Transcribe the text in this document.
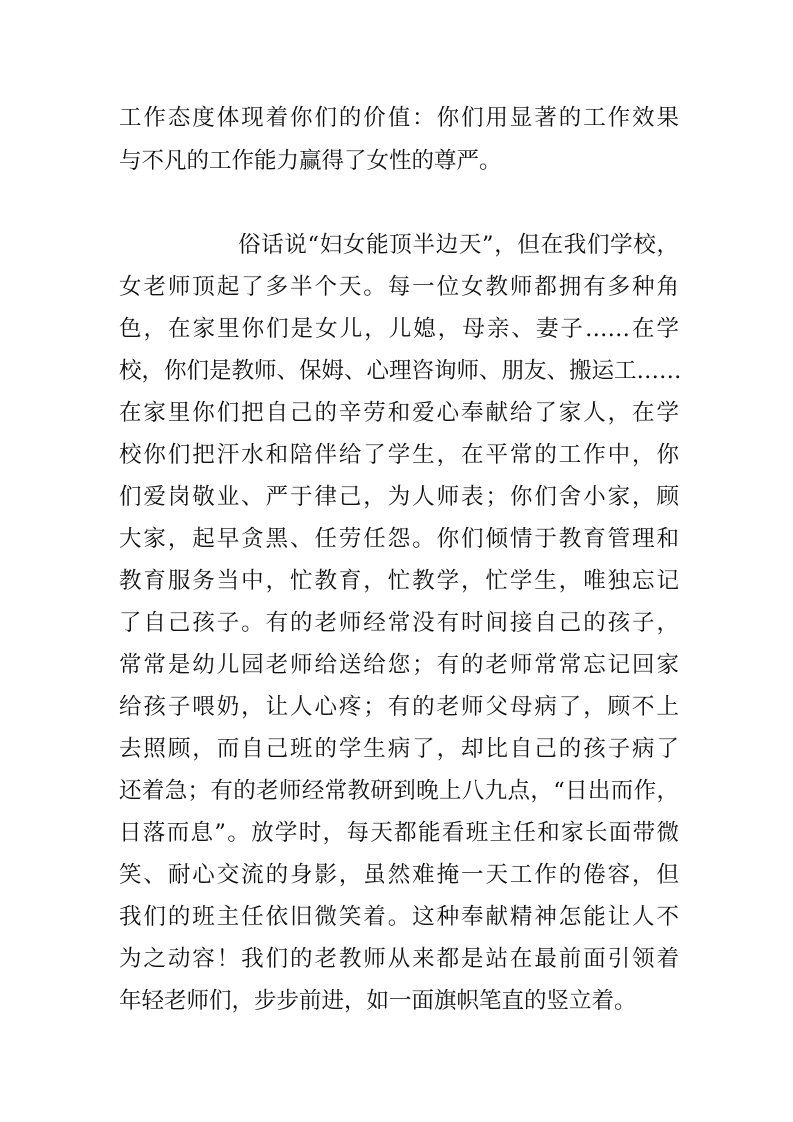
工作态度体现着你们的价值：你们用显著的工作效果
与不凡的工作能力赢得了女性的尊严。
俗话说“妇女能顶半边天”，但在我们学校，
女老师顶起了多半个天。每一位女教师都拥有多种角
色，在家里你们是女儿，儿媳，母亲、妻子……在学
校，你们是教师、保姆、心理咨询师、朋友、搬运工……
在家里你们把自己的辛劳和爱心奉献给了家人，在学
校你们把汗水和陪伴给了学生，在平常的工作中，你
们爱岗敬业、严于律己，为人师表；你们舍小家，顾
大家，起早贪黑、任劳任怨。你们倾情于教育管理和
教育服务当中，忙教育，忙教学，忙学生，唯独忘记
了自己孩子。有的老师经常没有时间接自己的孩子，
常常是幼儿园老师给送给您；有的老师常常忘记回家
给孩子喂奶，让人心疼；有的老师父母病了，顾不上
去照顾，而自己班的学生病了，却比自己的孩子病了
还着急；有的老师经常教研到晚上八九点，“日出而作，
日落而息”。放学时，每天都能看班主任和家长面带微
笑、耐心交流的身影，虽然难掩一天工作的倦容，但
我们的班主任依旧微笑着。这种奉献精神怎能让人不
为之动容！我们的老教师从来都是站在最前面引领着
年轻老师们，步步前进，如一面旗帜笔直的竖立着。
